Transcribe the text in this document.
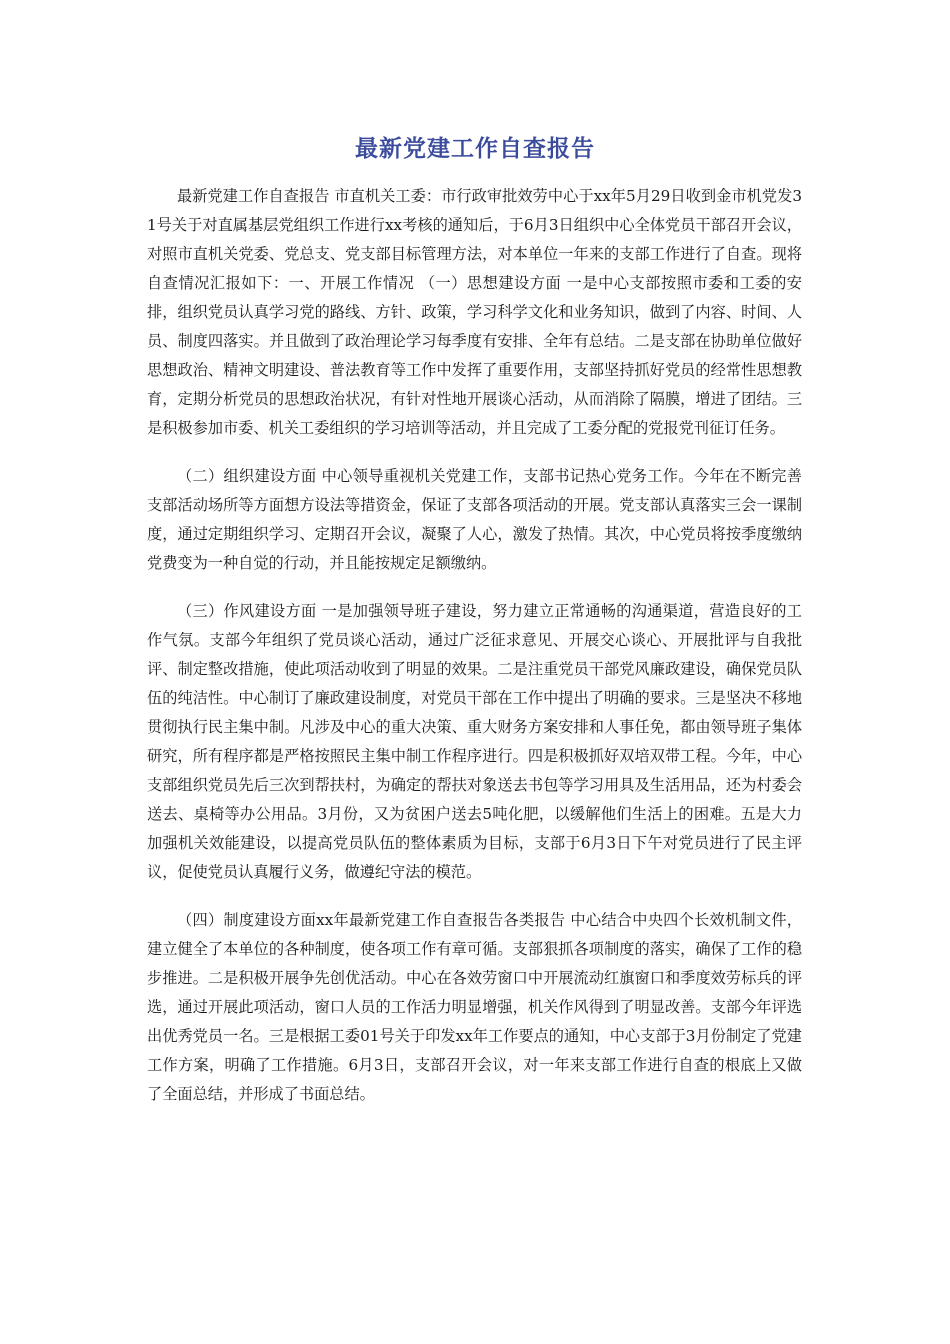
最新党建工作自查报告

最新党建工作自查报告 市直机关工委：市行政审批效劳中心于xx年5月29日收到金市机党发31号关于对直属基层党组织工作进行xx考核的通知后，于6月3日组织中心全体党员干部召开会议，对照市直机关党委、党总支、党支部目标管理方法，对本单位一年来的支部工作进行了自查。现将自查情况汇报如下：一、开展工作情况 （一）思想建设方面 一是中心支部按照市委和工委的安排，组织党员认真学习党的路线、方针、政策，学习科学文化和业务知识，做到了内容、时间、人员、制度四落实。并且做到了政治理论学习每季度有安排、全年有总结。二是支部在协助单位做好思想政治、精神文明建设、普法教育等工作中发挥了重要作用，支部坚持抓好党员的经常性思想教育，定期分析党员的思想政治状况，有针对性地开展谈心活动，从而消除了隔膜，增进了团结。三是积极参加市委、机关工委组织的学习培训等活动，并且完成了工委分配的党报党刊征订任务。

（二）组织建设方面 中心领导重视机关党建工作，支部书记热心党务工作。今年在不断完善支部活动场所等方面想方设法等措资金，保证了支部各项活动的开展。党支部认真落实三会一课制度，通过定期组织学习、定期召开会议，凝聚了人心，激发了热情。其次，中心党员将按季度缴纳党费变为一种自觉的行动，并且能按规定足额缴纳。

（三）作风建设方面 一是加强领导班子建设，努力建立正常通畅的沟通渠道，营造良好的工作气氛。支部今年组织了党员谈心活动，通过广泛征求意见、开展交心谈心、开展批评与自我批评、制定整改措施，使此项活动收到了明显的效果。二是注重党员干部党风廉政建设，确保党员队伍的纯洁性。中心制订了廉政建设制度，对党员干部在工作中提出了明确的要求。三是坚决不移地贯彻执行民主集中制。凡涉及中心的重大决策、重大财务方案安排和人事任免，都由领导班子集体研究，所有程序都是严格按照民主集中制工作程序进行。四是积极抓好双培双带工程。今年，中心支部组织党员先后三次到帮扶村，为确定的帮扶对象送去书包等学习用具及生活用品，还为村委会送去、桌椅等办公用品。3月份，又为贫困户送去5吨化肥，以缓解他们生活上的困难。五是大力加强机关效能建设，以提高党员队伍的整体素质为目标，支部于6月3日下午对党员进行了民主评议，促使党员认真履行义务，做遵纪守法的模范。

（四）制度建设方面xx年最新党建工作自查报告各类报告 中心结合中央四个长效机制文件，建立健全了本单位的各种制度，使各项工作有章可循。支部狠抓各项制度的落实，确保了工作的稳步推进。二是积极开展争先创优活动。中心在各效劳窗口中开展流动红旗窗口和季度效劳标兵的评选，通过开展此项活动，窗口人员的工作活力明显增强，机关作风得到了明显改善。支部今年评选出优秀党员一名。三是根据工委01号关于印发xx年工作要点的通知，中心支部于3月份制定了党建工作方案，明确了工作措施。6月3日，支部召开会议，对一年来支部工作进行自查的根底上又做了全面总结，并形成了书面总结。
